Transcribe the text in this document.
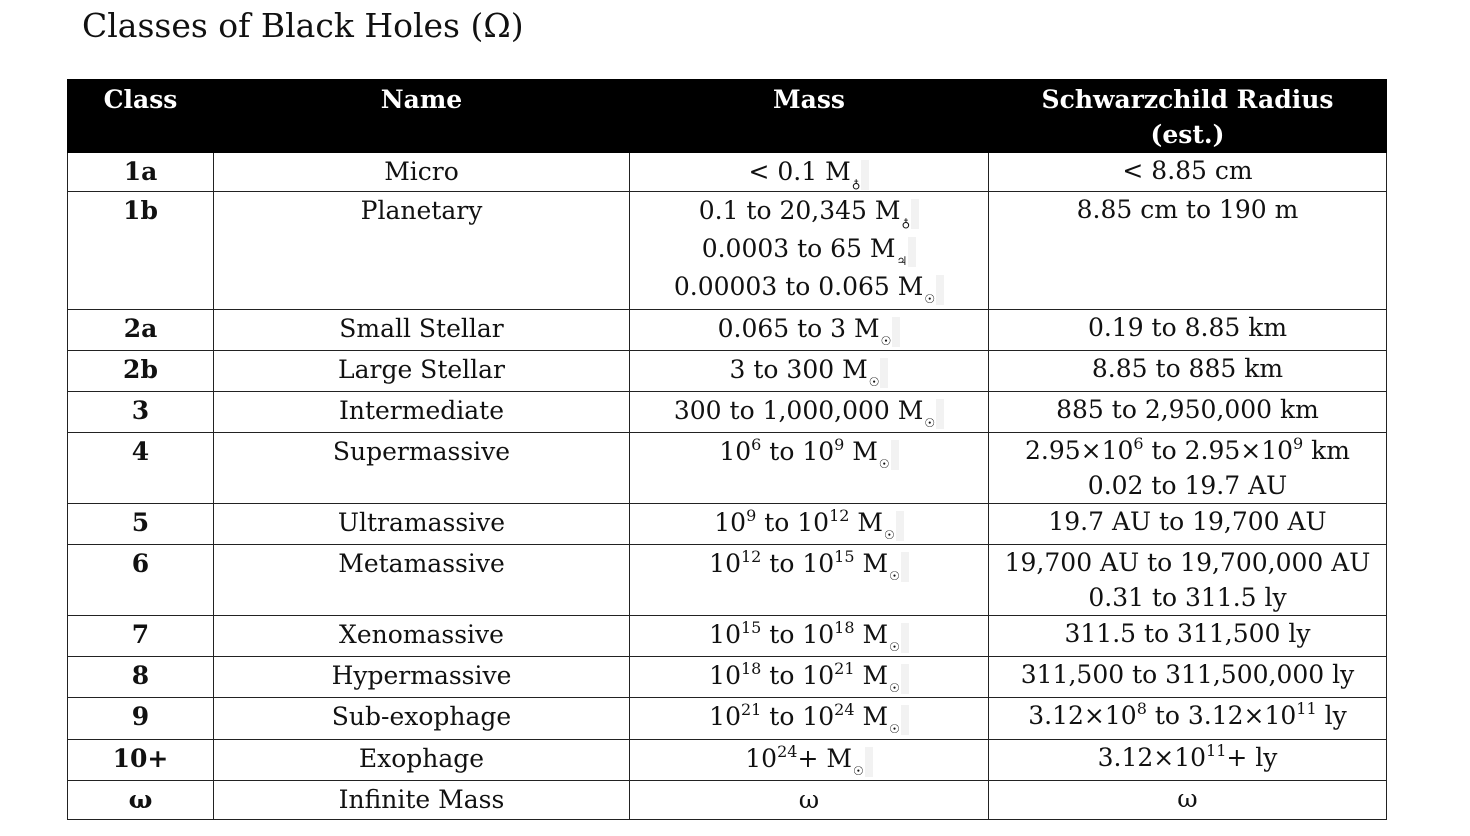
Classes of Black Holes (Ω)
Class	Name	Mass	Schwarzchild Radius
(est.)

1a	Micro	< 0.1 M♁	< 8.85 cm

1b	Planetary	0.1 to 20,345 M♁
0.0003 to 65 M♃
0.00003 to 0.065 M☉	8.85 cm to 190 m

2a	Small Stellar	0.065 to 3 M☉	0.19 to 8.85 km

2b	Large Stellar	3 to 300 M☉	8.85 to 885 km

3	Intermediate	300 to 1,000,000 M☉	885 to 2,950,000 km

4	Supermassive	$10^6$ to $10^9$ M☉	$2.95\times 10^6$ to $2.95\times 10^9$ km
0.02 to 19.7 AU

5	Ultramassive	$10^9$ to $10^{12}$ M☉	19.7 AU to 19,700 AU

6	Metamassive	$10^{12}$ to $10^{15}$ M☉	19,700 AU to 19,700,000 AU
0.31 to 311.5 ly

7	Xenomassive	$10^{15}$ to $10^{18}$ M☉	311.5 to 311,500 ly

8	Hypermassive	$10^{18}$ to $10^{21}$ M☉	311,500 to 311,500,000 ly

9	Sub-exophage	$10^{21}$ to $10^{24}$ M☉	$3.12\times 10^8$ to $3.12\times 10^{11}$ ly

10+	Exophage	$10^{24}+$ M☉	$3.12\times 10^{11}+$ ly

ω	Infinite Mass	ω	ω
